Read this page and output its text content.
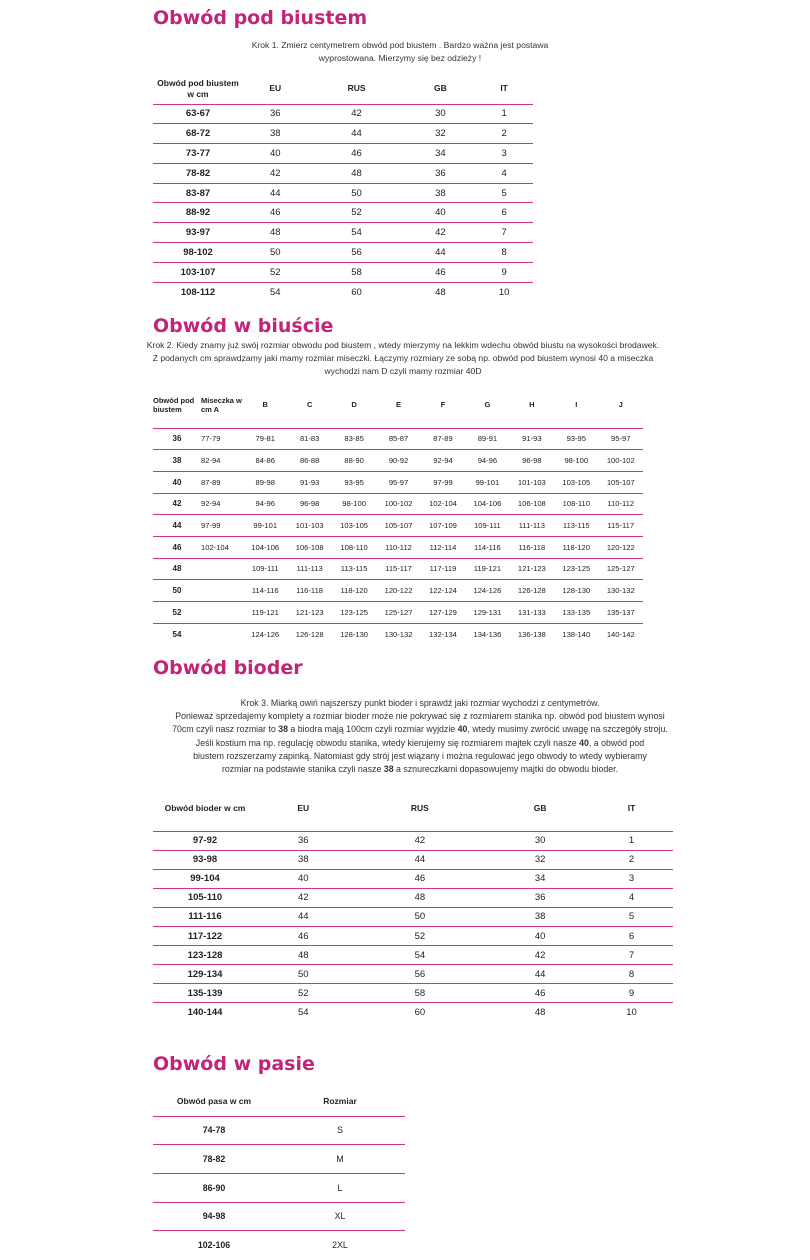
Obwód pod biustem
Krok 1. Zmierz centymetrem obwód pod biustem . Bardzo ważna jest postawa wyprostowana. Mierzymy się bez odzieży !
Obwód pod biustem w cm	EU	RUS	GB	IT
63-67	36	42	30	1
68-72	38	44	32	2
73-77	40	46	34	3
78-82	42	48	36	4
83-87	44	50	38	5
88-92	46	52	40	6
93-97	48	54	42	7
98-102	50	56	44	8
103-107	52	58	46	9
108-112	54	60	48	10
Obwód w biuście
Krok 2. Kiedy znamy już swój rozmiar obwodu pod biustem , wtedy mierzymy na lekkim wdechu obwód biustu na wysokości brodawek. Z podanych cm sprawdzamy jaki mamy rozmiar miseczki. Łączymy rozmiary ze sobą np. obwód pod biustem wynosi 40 a miseczka wychodzi nam D czyli mamy rozmiar 40D
Obwód pod biustem	Miseczka w cm A	B	C	D	E	F	G	H	I	J
36	77-79	79-81	81-83	83-85	85-87	87-89	89-91	91-93	93-95	95-97
38	82-94	84-86	86-88	88-90	90-92	92-94	94-96	96-98	98-100	100-102
40	87-89	89-98	91-93	93-95	95-97	97-99	99-101	101-103	103-105	105-107
42	92-94	94-96	96-98	98-100	100-102	102-104	104-106	106-108	108-110	110-112
44	97-99	99-101	101-103	103-105	105-107	107-109	109-111	111-113	113-115	115-117
46	102-104	104-106	106-108	108-110	110-112	112-114	114-116	116-118	118-120	120-122
48		109-111	111-113	113-115	115-117	117-119	119-121	121-123	123-125	125-127
50		114-116	116-118	118-120	120-122	122-124	124-126	126-128	128-130	130-132
52		119-121	121-123	123-125	125-127	127-129	129-131	131-133	133-135	135-137
54		124-126	126-128	128-130	130-132	132-134	134-136	136-138	138-140	140-142
Obwód bioder
Krok 3. Miarką owiń najszerszy punkt bioder i sprawdź jaki rozmiar wychodzi z centymetrów.
Ponieważ sprzedajemy komplety a rozmiar bioder może nie pokrywać się z rozmiarem stanika np. obwód pod biustem wynosi
70cm czyli nasz rozmiar to 38 a biodra mają 100cm czyli rozmiar wyjdzie 40, wtedy musimy zwrócić uwagę na szczegóły stroju.
Jeśli kostium ma np. regulację obwodu stanika, wtedy kierujemy się rozmiarem majtek czyli nasze 40, a obwód pod
biustem rozszerzamy zapinką. Natomiast gdy strój jest wiązany i można regulować jego obwody to wtedy wybieramy
rozmiar na podstawie stanika czyli nasze 38 a sznureczkami dopasowujemy majtki do obwodu bioder.
Obwód bioder w cm	EU	RUS	GB	IT
97-92	36	42	30	1
93-98	38	44	32	2
99-104	40	46	34	3
105-110	42	48	36	4
111-116	44	50	38	5
117-122	46	52	40	6
123-128	48	54	42	7
129-134	50	56	44	8
135-139	52	58	46	9
140-144	54	60	48	10
Obwód w pasie
Obwód pasa w cm	Rozmiar
74-78	S
78-82	M
86-90	L
94-98	XL
102-106	2XL
